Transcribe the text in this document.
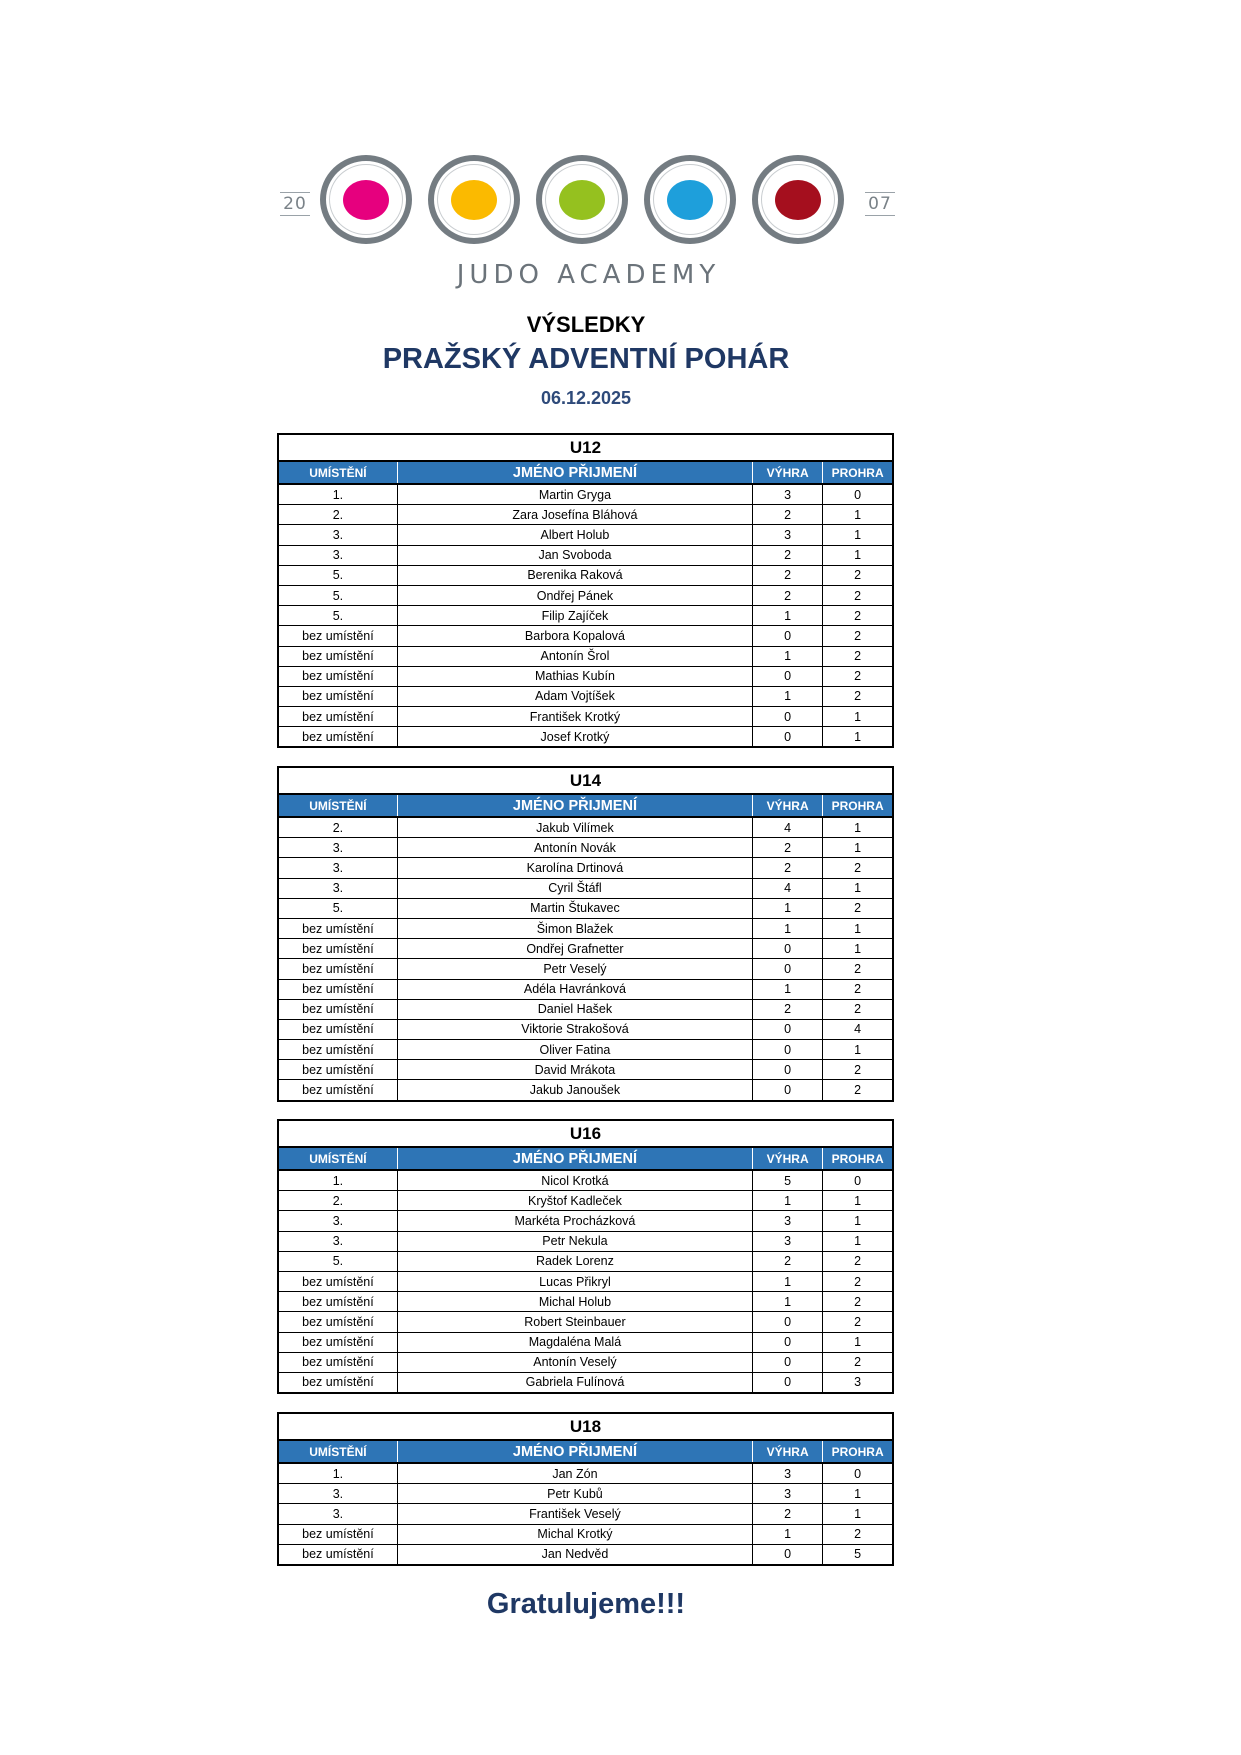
20	07
JUDO ACADEMY
VÝSLEDKY
PRAŽSKÝ ADVENTNÍ POHÁR
06.12.2025
U12			
UMÍSTĚNÍ	JMÉNO PŘIJMENÍ	VÝHRA	PROHRA
1.	Martin Gryga	3	0
2.	Zara Josefína Bláhová	2	1
3.	Albert Holub	3	1
3.	Jan Svoboda	2	1
5.	Berenika Raková	2	2
5.	Ondřej Pánek	2	2
5.	Filip Zajíček	1	2
bez umístění	Barbora Kopalová	0	2
bez umístění	Antonín Šrol	1	2
bez umístění	Mathias Kubín	0	2
bez umístění	Adam Vojtíšek	1	2
bez umístění	František Krotký	0	1
bez umístění	Josef Krotký	0	1
U14			
UMÍSTĚNÍ	JMÉNO PŘIJMENÍ	VÝHRA	PROHRA
2.	Jakub Vilímek	4	1
3.	Antonín Novák	2	1
3.	Karolína Drtinová	2	2
3.	Cyril Štáfl	4	1
5.	Martin Štukavec	1	2
bez umístění	Šimon Blažek	1	1
bez umístění	Ondřej Grafnetter	0	1
bez umístění	Petr Veselý	0	2
bez umístění	Adéla Havránková	1	2
bez umístění	Daniel Hašek	2	2
bez umístění	Viktorie Strakošová	0	4
bez umístění	Oliver Fatina	0	1
bez umístění	David Mrákota	0	2
bez umístění	Jakub Janoušek	0	2
U16			
UMÍSTĚNÍ	JMÉNO PŘIJMENÍ	VÝHRA	PROHRA
1.	Nicol Krotká	5	0
2.	Kryštof Kadleček	1	1
3.	Markéta Procházková	3	1
3.	Petr Nekula	3	1
5.	Radek Lorenz	2	2
bez umístění	Lucas Přikryl	1	2
bez umístění	Michal Holub	1	2
bez umístění	Robert Steinbauer	0	2
bez umístění	Magdaléna Malá	0	1
bez umístění	Antonín Veselý	0	2
bez umístění	Gabriela Fulínová	0	3
U18			
UMÍSTĚNÍ	JMÉNO PŘIJMENÍ	VÝHRA	PROHRA
1.	Jan Zón	3	0
3.	Petr Kubů	3	1
3.	František Veselý	2	1
bez umístění	Michal Krotký	1	2
bez umístění	Jan Nedvěd	0	5
Gratulujeme!!!
